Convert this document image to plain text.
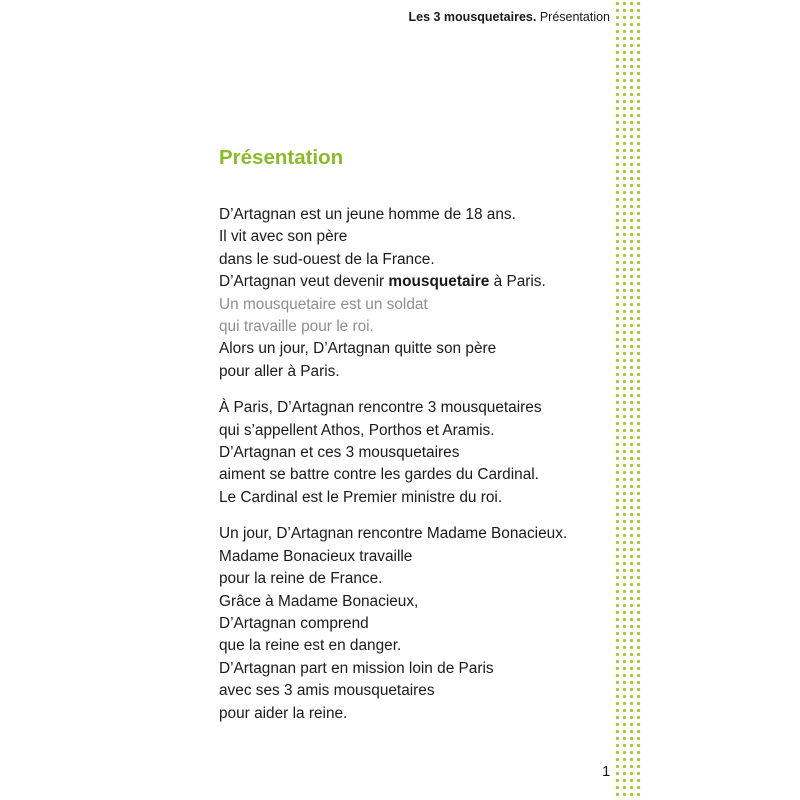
Les 3 mousquetaires. Présentation
Présentation

D’Artagnan est un jeune homme de 18 ans.
Il vit avec son père
dans le sud-ouest de la France.
D’Artagnan veut devenir mousquetaire à Paris.
Un mousquetaire est un soldat
qui travaille pour le roi.
Alors un jour, D’Artagnan quitte son père
pour aller à Paris.

À Paris, D’Artagnan rencontre 3 mousquetaires
qui s’appellent Athos, Porthos et Aramis.
D’Artagnan et ces 3 mousquetaires
aiment se battre contre les gardes du Cardinal.
Le Cardinal est le Premier ministre du roi.

Un jour, D’Artagnan rencontre Madame Bonacieux.
Madame Bonacieux travaille
pour la reine de France.
Grâce à Madame Bonacieux,
D’Artagnan comprend
que la reine est en danger.
D’Artagnan part en mission loin de Paris
avec ses 3 amis mousquetaires
pour aider la reine.

1
